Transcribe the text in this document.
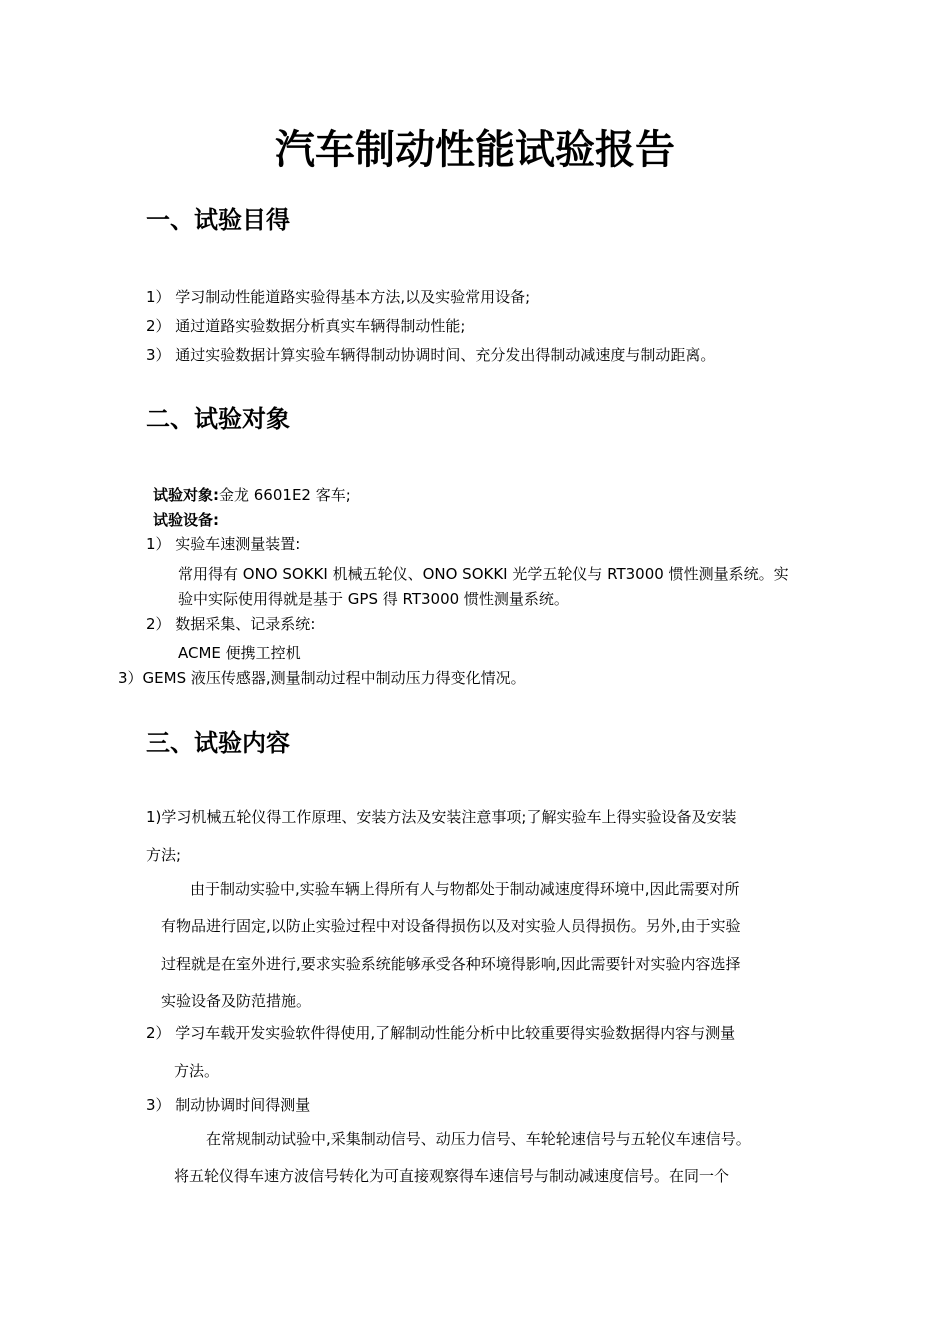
汽车制动性能试验报告
一、试验目得
1） 学习制动性能道路实验得基本方法,以及实验常用设备;
2） 通过道路实验数据分析真实车辆得制动性能;
3） 通过实验数据计算实验车辆得制动协调时间、充分发出得制动减速度与制动距离。
二、试验对象
试验对象:金龙 6601E2 客车;
试验设备:
1） 实验车速测量装置:
常用得有 ONO SOKKI 机械五轮仪、ONO SOKKI 光学五轮仪与 RT3000 惯性测量系统。实
验中实际使用得就是基于 GPS 得 RT3000 惯性测量系统。
2） 数据采集、记录系统:
ACME 便携工控机
3）GEMS 液压传感器,测量制动过程中制动压力得变化情况。
三、试验内容
1)学习机械五轮仪得工作原理、安装方法及安装注意事项;了解实验车上得实验设备及安装
方法;
由于制动实验中,实验车辆上得所有人与物都处于制动减速度得环境中,因此需要对所
有物品进行固定,以防止实验过程中对设备得损伤以及对实验人员得损伤。另外,由于实验
过程就是在室外进行,要求实验系统能够承受各种环境得影响,因此需要针对实验内容选择
实验设备及防范措施。
2） 学习车载开发实验软件得使用,了解制动性能分析中比较重要得实验数据得内容与测量
方法。
3） 制动协调时间得测量
在常规制动试验中,采集制动信号、动压力信号、车轮轮速信号与五轮仪车速信号。
将五轮仪得车速方波信号转化为可直接观察得车速信号与制动减速度信号。在同一个
